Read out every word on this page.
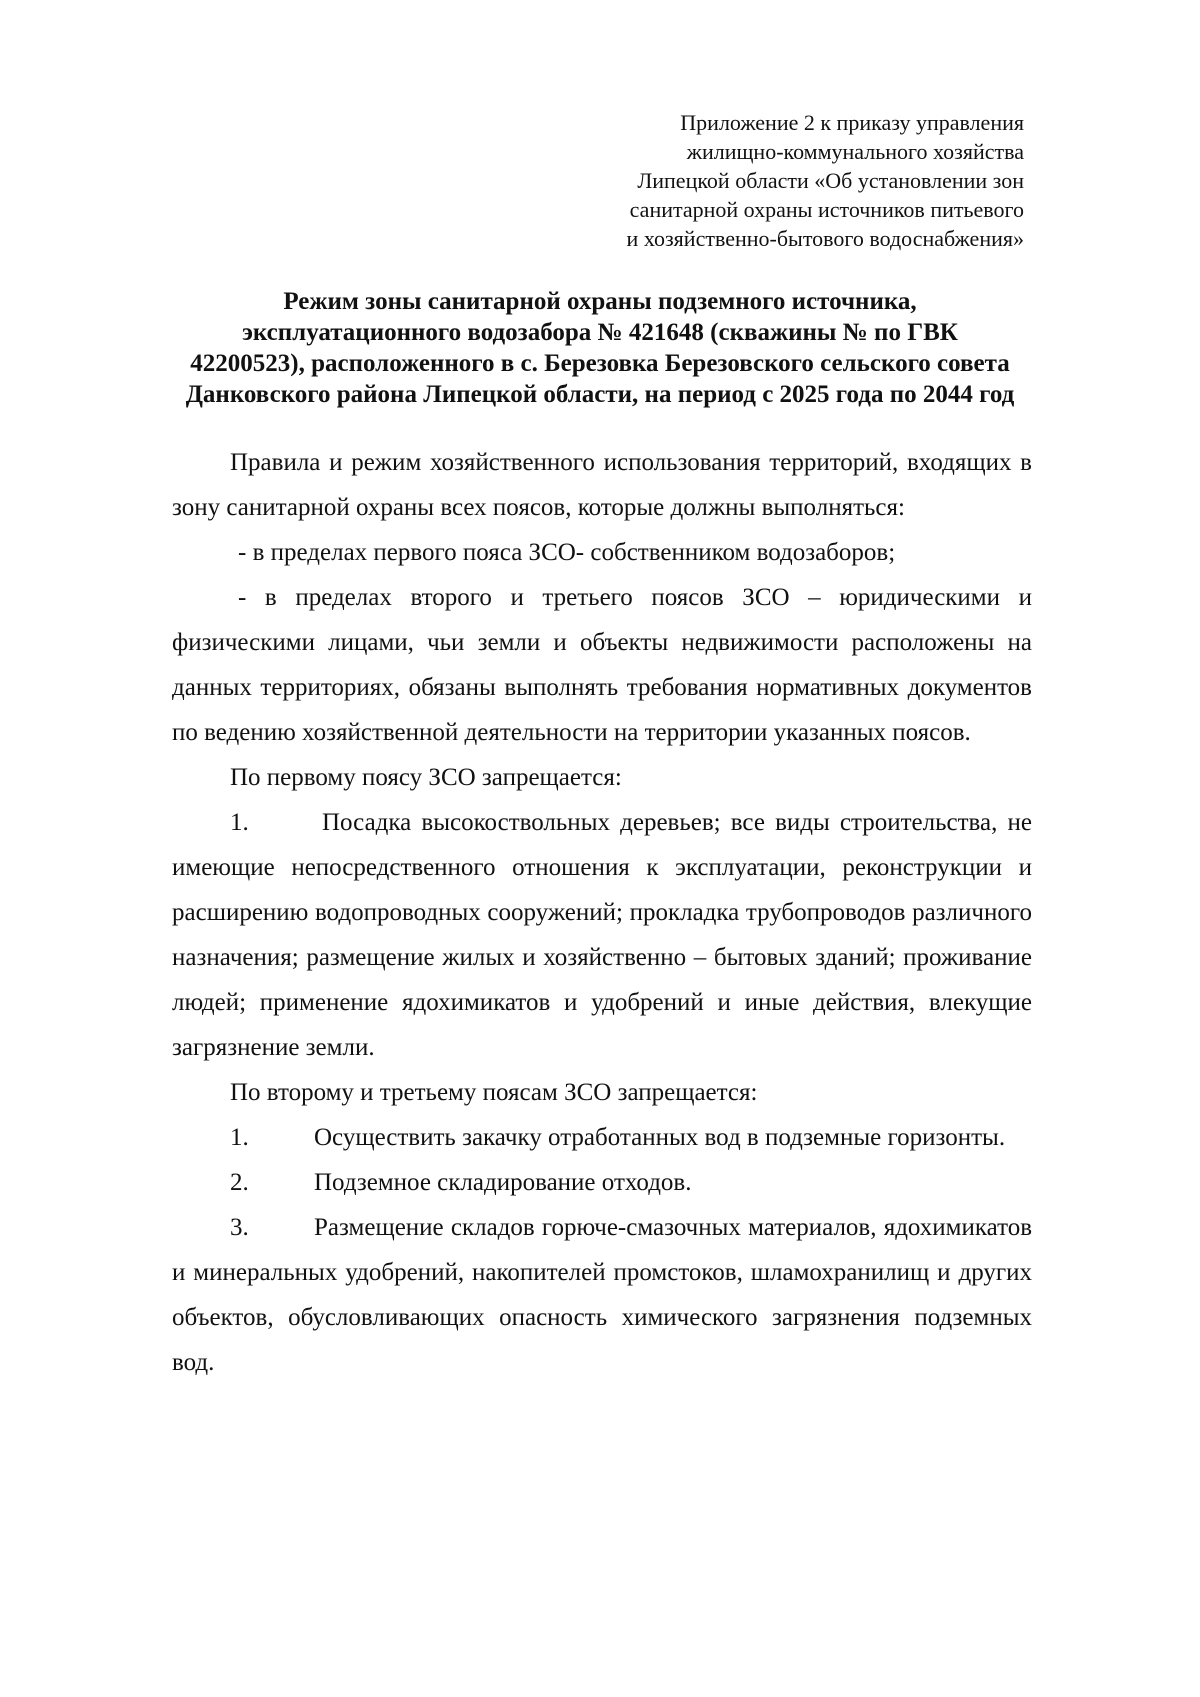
Приложение 2 к приказу управления
жилищно-коммунального хозяйства
Липецкой области «Об установлении зон
санитарной охраны источников питьевого
и хозяйственно-бытового водоснабжения»
Режим зоны санитарной охраны подземного источника,
эксплуатационного водозабора № 421648 (скважины № по ГВК
42200523), расположенного в с. Березовка Березовского сельского совета
Данковского района Липецкой области, на период с 2025 года по 2044 год

Правила и режим хозяйственного использования территорий, входящих в зону санитарной охраны всех поясов, которые должны выполняться:

- в пределах первого пояса ЗСО- собственником водозаборов;

- в пределах второго и третьего поясов ЗСО – юридическими и физическими лицами, чьи земли и объекты недвижимости расположены на данных территориях, обязаны выполнять требования нормативных документов по ведению хозяйственной деятельности на территории указанных поясов.

По первому поясу ЗСО запрещается:

1.	Посадка высокоствольных деревьев; все виды строительства, не имеющие непосредственного отношения к эксплуатации, реконструкции и расширению водопроводных сооружений; прокладка трубопроводов различного назначения; размещение жилых и хозяйственно – бытовых зданий; проживание людей; применение ядохимикатов и удобрений и иные действия, влекущие загрязнение земли.

По второму и третьему поясам ЗСО запрещается:

1.	Осуществить закачку отработанных вод в подземные горизонты.

2.	Подземное складирование отходов.

3.	Размещение складов горюче-смазочных материалов, ядохимикатов и минеральных удобрений, накопителей промстоков, шламохранилищ и других объектов, обусловливающих опасность химического загрязнения подземных вод.
